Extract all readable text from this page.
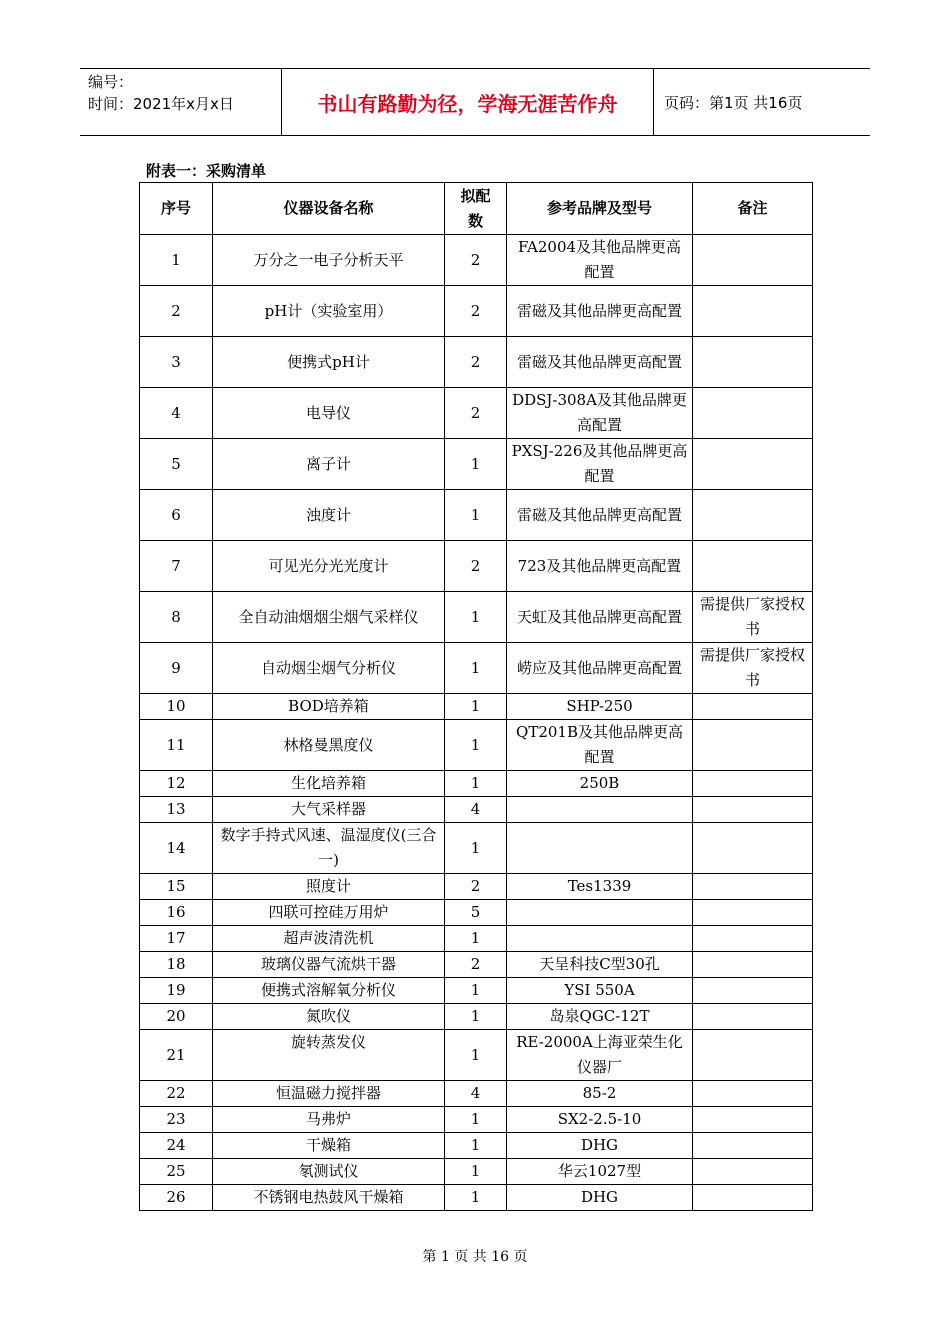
编号：
时间：2021年x月x日	书山有路勤为径，学海无涯苦作舟	页码：第1页 共16页
附表一：采购清单
序号	仪器设备名称	拟配数	参考品牌及型号	备注
1	万分之一电子分析天平	2	FA2004及其他品牌更高配置	
2	pH计（实验室用）	2	雷磁及其他品牌更高配置	
3	便携式pH计	2	雷磁及其他品牌更高配置	
4	电导仪	2	DDSJ-308A及其他品牌更高配置	
5	离子计	1	PXSJ-226及其他品牌更高配置	
6	浊度计	1	雷磁及其他品牌更高配置	
7	可见光分光光度计	2	723及其他品牌更高配置	
8	全自动油烟烟尘烟气采样仪	1	天虹及其他品牌更高配置	需提供厂家授权书
9	自动烟尘烟气分析仪	1	崂应及其他品牌更高配置	需提供厂家授权书
10	BOD培养箱	1	SHP-250	
11	林格曼黑度仪	1	QT201B及其他品牌更高配置	
12	生化培养箱	1	250B	
13	大气采样器	4		
14	数字手持式风速、温湿度仪(三合一)	1		
15	照度计	2	Tes1339	
16	四联可控硅万用炉	5		
17	超声波清洗机	1		
18	玻璃仪器气流烘干器	2	天呈科技C型30孔	
19	便携式溶解氧分析仪	1	YSI 550A	
20	氮吹仪	1	岛泉QGC-12T	
21	旋转蒸发仪	1	RE-2000A上海亚荣生化仪器厂	
22	恒温磁力搅拌器	4	85-2	
23	马弗炉	1	SX2-2.5-10	
24	干燥箱	1	DHG	
25	氡测试仪	1	华云1027型	
26	不锈钢电热鼓风干燥箱	1	DHG	
第 1 页 共 16 页
